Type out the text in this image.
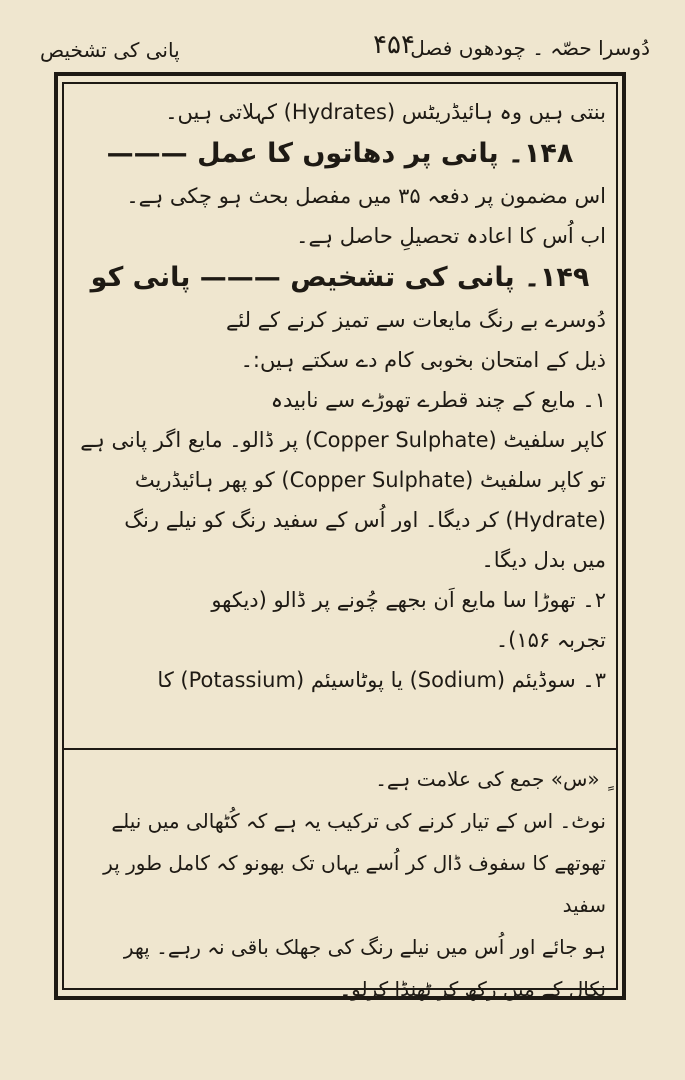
دُوسرا حصّہ ۔ چودھوں فصل
۴۵۴
پانی کی تشخیص

بنتی ہیں وہ ہائیڈریٹس (Hydrates) کہلاتی ہیں۔

۱۴۸۔ پانی پر دھاتوں کا عمل ———

اس مضمون پر دفعہ ۳۵ میں مفصل بحث ہو چکی ہے۔

اب اُس کا اعادہ تحصیلِ حاصل ہے۔

۱۴۹۔ پانی کی تشخیص ——— پانی کو

دُوسرے بے رنگ مایعات سے تمیز کرنے کے لئے

ذیل کے امتحان بخوبی کام دے سکتے ہیں:۔

۱۔ مایع کے چند قطرے تھوڑے سے نابیدہ

کاپر سلفیٹ (Copper Sulphate) پر ڈالو۔ مایع اگر پانی ہے

تو کاپر سلفیٹ (Copper Sulphate) کو پھر ہائیڈریٹ

(Hydrate) کر دیگا۔ اور اُس کے سفید رنگ کو نیلے رنگ

میں بدل دیگا۔

۲۔ تھوڑا سا مایع اَن بجھے چُونے پر ڈالو (دیکھو

تجربہ ۱۵۶)۔

۳۔ سوڈیئم (Sodium) یا پوٹاسیئم (Potassium) کا

ٍ «س» جمع کی علامت ہے۔

نوٹ۔ اس کے تیار کرنے کی ترکیب یہ ہے کہ کُٹھالی میں نیلے

تھوتھے کا سفوف ڈال کر اُسے یہاں تک بھونو کہ کامل طور پر سفید

ہو جائے اور اُس میں نیلے رنگ کی جھلک باقی نہ رہے۔ پھر

نکال کے میں رکھ کر ٹھنڈا کرلو۔
